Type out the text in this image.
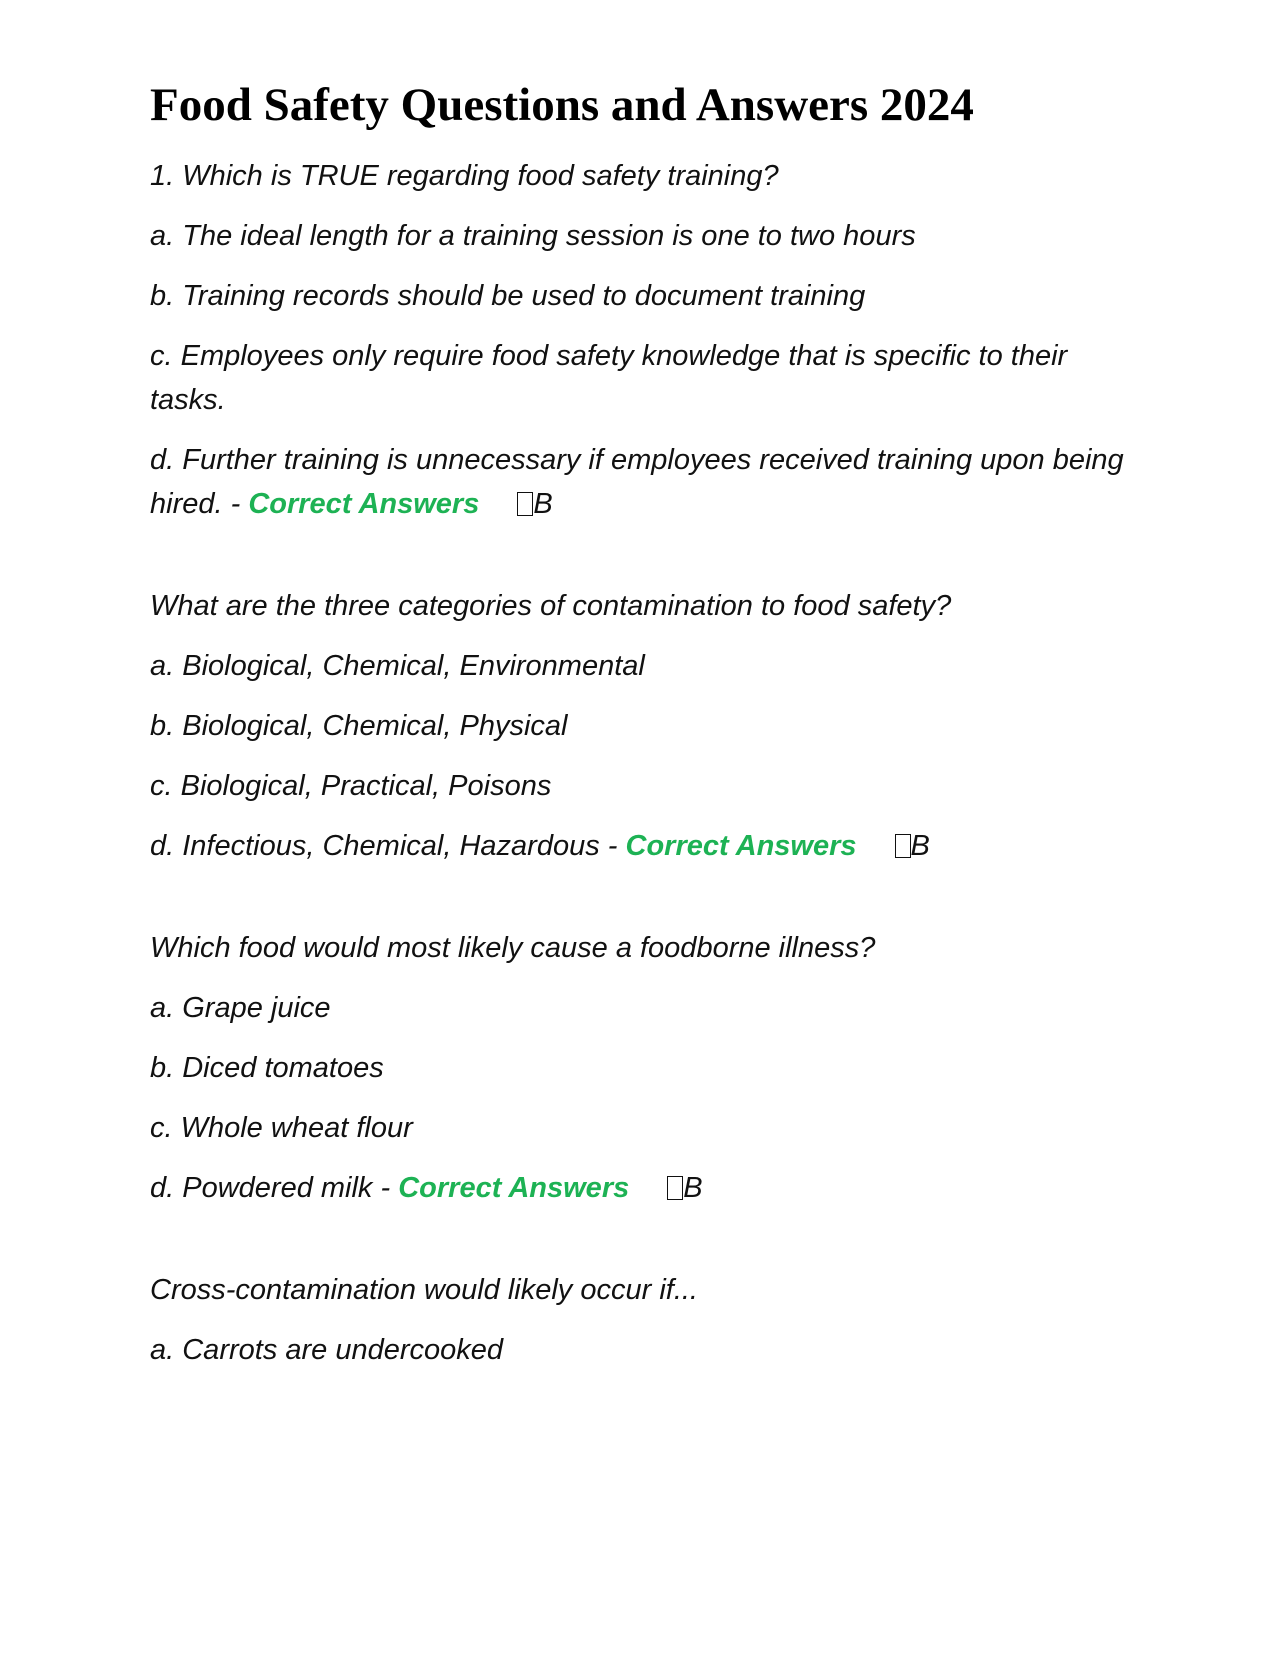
Food Safety Questions and Answers 2024

1. Which is TRUE regarding food safety training?

a. The ideal length for a training session is one to two hours

b. Training records should be used to document training

c. Employees only require food safety knowledge that is specific to their tasks.

d. Further training is unnecessary if employees received training upon being hired. - Correct Answers B

What are the three categories of contamination to food safety?

a. Biological, Chemical, Environmental

b. Biological, Chemical, Physical

c. Biological, Practical, Poisons

d. Infectious, Chemical, Hazardous - Correct Answers B

Which food would most likely cause a foodborne illness?

a. Grape juice

b. Diced tomatoes

c. Whole wheat flour

d. Powdered milk - Correct Answers B

Cross-contamination would likely occur if...

a. Carrots are undercooked
